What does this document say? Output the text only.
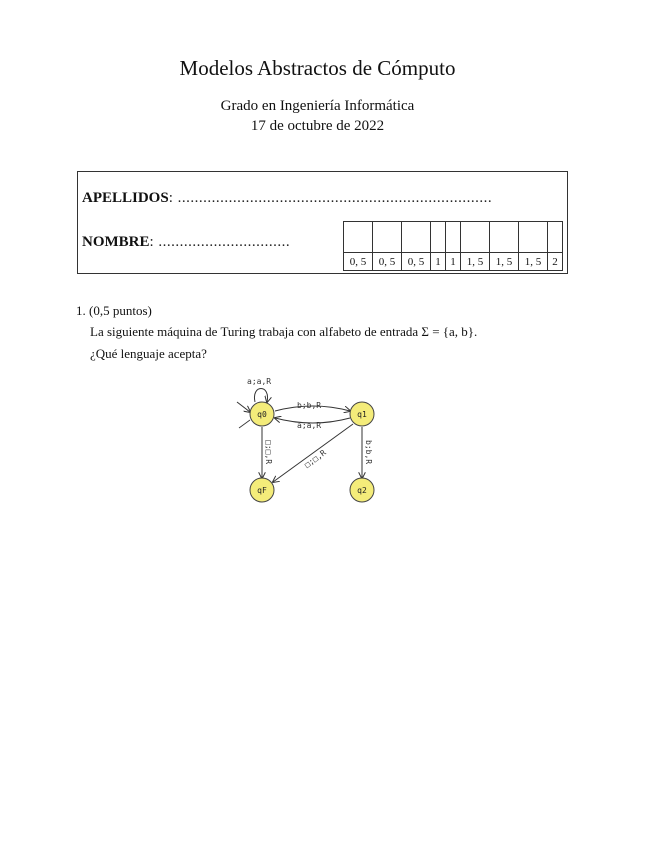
Modelos Abstractos de Cómputo
Grado en Ingeniería Informática
17 de octubre de 2022
APELLIDOS: ..........................................................................
NOMBRE: ...............................

0, 5	0, 5	0, 5	1	1	1, 5	1, 5	1, 5	2
1. (0,5 puntos)
La siguiente máquina de Turing trabaja con alfabeto de entrada Σ = {a, b}.
¿Qué lenguaje acepta?
a;a,R
b;b,R
a;a,R
□;□,R	□;□,R	b;b,R
q0	q1
qF	q2
